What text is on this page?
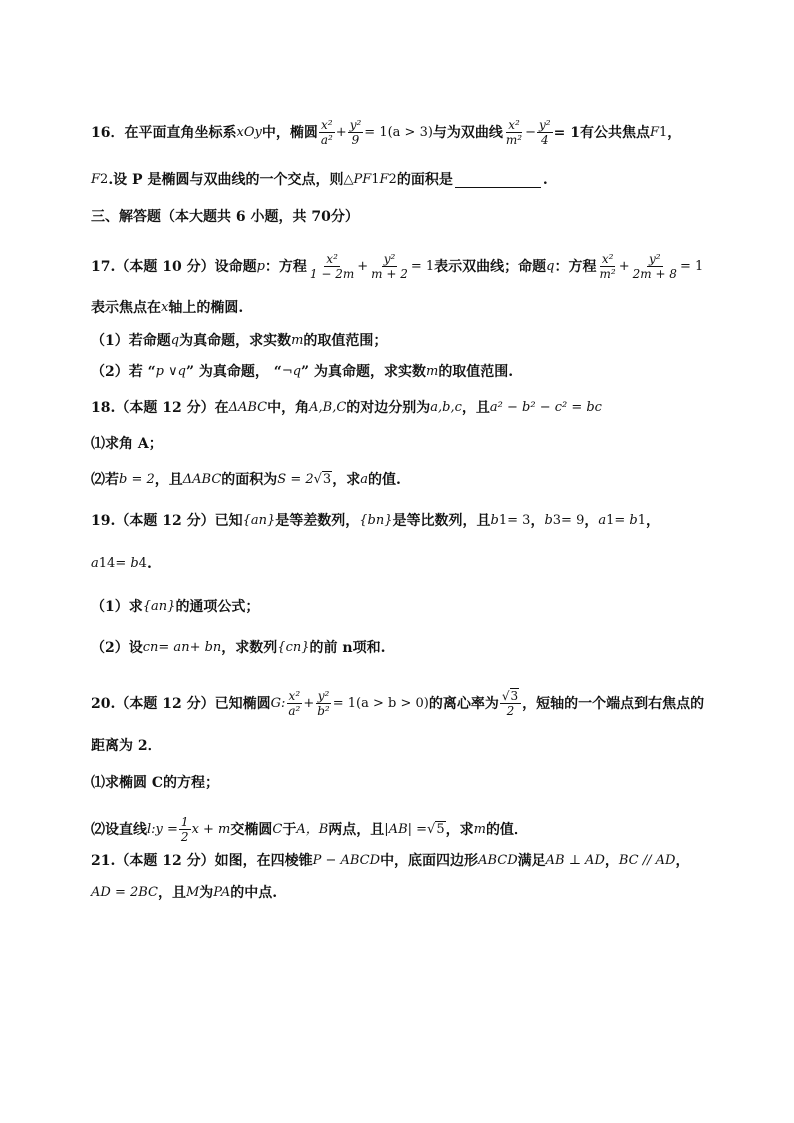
16．在平面直角坐标系 xOy 中，椭圆 $\frac{\text{x²}}{\text{a²}} + \frac{\text{y²}}{9} = 1(a > 3)$ 与为双曲线 $\frac{\text{x²}}{\text{m²}} - \frac{\text{y²}}{4} = 1$有公共焦点 F 1 ，
F 2 .设 P 是椭圆与双曲线的一个交点，则 △PF 1 F 2 的面积是	.
三、解答题（本大题共 6 小题，共 70分）
17.（本题 10 分）设命题 p ：方程 $\frac{\text{x²}}{1 - 2m} + \frac{\text{y²}}{m + 2} = 1$ 表示双曲线；命题 q ：方程 $\frac{\text{x²}}{\text{m²}} + \frac{\text{y²}}{2m + 8} = 1$
表示焦点在 x 轴上的椭圆.
（1）若命题 q 为真命题，求实数 m 的取值范围；
（2）若 “ p ∨q ” 为真命题， “ ¬q ” 为真命题，求实数 m 的取值范围.
18.（本题 12 分）在 ΔABC 中，角 A,B,C 的对边分别为 a,b,c ，且 a² − b² − c² = bc
⑴求角 A；
⑵若 b = 2 ，且 ΔABC 的面积为 S = 2 √3 ，求 a 的值.
19.（本题 12 分）已知 {a n } 是等差数列， {b n } 是等比数列，且 b 1 = 3 ， b 3 = 9 ， a 1 = b 1 ，
a 14 = b 4 .
（1）求 {a n } 的通项公式；
（2）设 c n = a n + b n ，求数列 {c n } 的前 n项和.
20.（本题 12 分）已知椭圆 G: $\frac{\text{x²}}{\text{a²}} + \frac{\text{y²}}{\text{b²}} = 1(a > b > 0)$ 的离心率为 $\frac{√3}{2}$ ，短轴的一个端点到右焦点的
距离为 2．
⑴求椭圆 C的方程；
⑵设直线 l: $y = \frac{1}{2}$ x + m 交椭圆 C 于 A， B 两点，且 |AB| = √5 ，求 m 的值．
21.（本题 12 分）如图，在四棱锥 P − ABCD 中，底面四边形 ABCD 满足 AB ⊥ AD ， BC // AD ，
AD = 2BC ，且 M 为 PA 的中点.
